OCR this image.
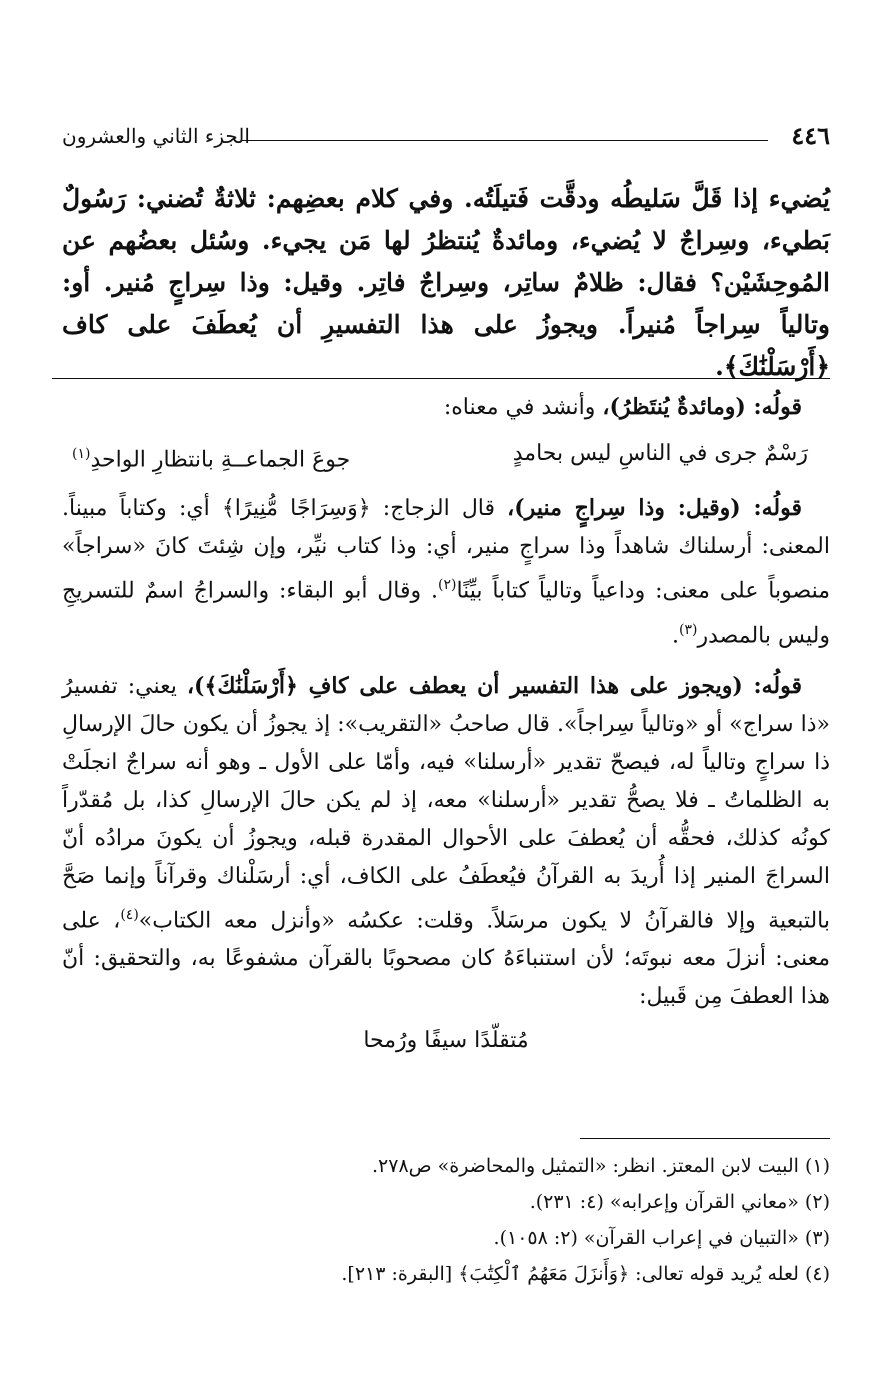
٤٤٦
الجزء الثاني والعشرون
يُضيء إذا قَلَّ سَليطُه ودقَّت فَتيلَتُه. وفي كلام بعضِهم: ثلاثةٌ تُضني: رَسُولٌ بَطيء، وسِراجٌ لا يُضيء، ومائدةٌ يُنتظرُ لها مَن يجيء. وسُئل بعضُهم عن المُوحِشَيْن؟ فقال: ظلامٌ ساتِر، وسِراجٌ فاتِر. وقيل: وذا سِراجٍ مُنير. أو: وتالياً سِراجاً مُنيراً. ويجوزُ على هذا التفسيرِ أن يُعطَفَ على كاف ﴿أَرْسَلْنَٰكَ﴾.

قولُه: (ومائدةٌ يُنتَظرُ)، وأنشد في معناه:

رَسْمٌ جرى في الناسِ ليس بحامدٍ
جوعَ الجماعــةِ بانتظارِ الواحدِ$^{(١)}$

قولُه: (وقيل: وذا سِراجٍ منير)، قال الزجاج: ﴿وَسِرَاجًا مُّنِيرًا﴾ أي: وكتاباً مبيناً. المعنى: أرسلناك شاهداً وذا سراجٍ منير، أي: وذا كتاب نيِّر، وإن شِئتَ كانَ «سراجاً» منصوباً على معنى: وداعياً وتالياً كتاباً بيِّنًا$^{(٢)}$. وقال أبو البقاء: والسراجُ اسمٌ للتسريجِ وليس بالمصدر$^{(٣)}$.

قولُه: (ويجوز على هذا التفسير أن يعطف على كافِ ﴿أَرْسَلْنَٰكَ﴾)، يعني: تفسيرُ «ذا سراج» أو «وتالياً سِراجاً». قال صاحبُ «التقريب»: إذ يجوزُ أن يكون حالَ الإرسالِ ذا سراجٍ وتالياً له، فيصحّ تقدير «أرسلنا» فيه، وأمّا على الأول ـ وهو أنه سراجٌ انجلَتْ به الظلماتُ ـ فلا يصحُّ تقدير «أرسلنا» معه، إذ لم يكن حالَ الإرسالِ كذا، بل مُقدّراً كونُه كذلك، فحقُّه أن يُعطفَ على الأحوال المقدرة قبله، ويجوزُ أن يكونَ مرادُه أنّ السراجَ المنير إذا أُريدَ به القرآنُ فيُعطَفُ على الكاف، أي: أرسَلْناك وقرآناً وإنما صَحَّ بالتبعية وإلا فالقرآنُ لا يكون مرسَلاً. وقلت: عكسُه «وأنزل معه الكتاب»$^{(٤)}$، على معنى: أنزلَ معه نبوتَه؛ لأن استنباءَهُ كان مصحوبًا بالقرآن مشفوعًا به، والتحقيق: أنّ هذا العطفَ مِن قَبيل:

مُتقلّدًا سيفًا ورُمحا
(١) البيت لابن المعتز. انظر: «التمثيل والمحاضرة» ص٢٧٨.
(٢) «معاني القرآن وإعرابه» (٤: ٢٣١).
(٣) «التبيان في إعراب القرآن» (٢: ١٠٥٨).
(٤) لعله يُريد قوله تعالى: ﴿وَأَنزَلَ مَعَهُمُ ٱلْكِتَٰبَ﴾ [البقرة: ٢١٣].
